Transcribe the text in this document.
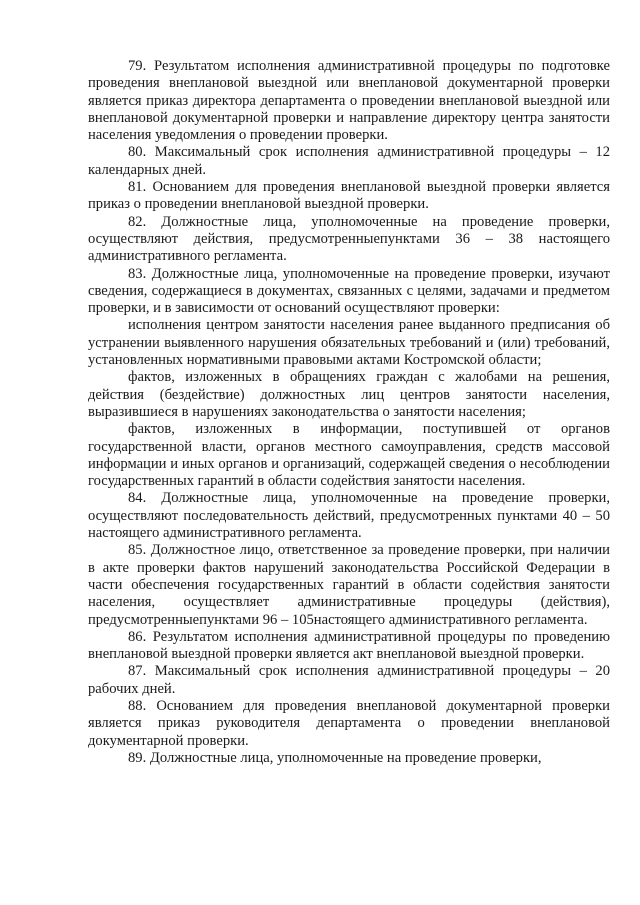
79. Результатом исполнения административной процедуры по подготовке проведения внеплановой выездной или внеплановой документарной проверки является приказ директора департамента о проведении внеплановой выездной или внеплановой документарной проверки и направление директору центра занятости населения уведомления о проведении проверки.

80. Максимальный срок исполнения административной процедуры – 12 календарных дней.

81. Основанием для проведения внеплановой выездной проверки является приказ о проведении внеплановой выездной проверки.

82. Должностные лица, уполномоченные на проведение проверки, осуществляют действия, предусмотренныепунктами 36 – 38 настоящего административного регламента.

83. Должностные лица, уполномоченные на проведение проверки, изучают сведения, содержащиеся в документах, связанных с целями, задачами и предметом проверки, и в зависимости от оснований осуществляют проверки:

исполнения центром занятости населения ранее выданного предписания об устранении выявленного нарушения обязательных требований и (или) требований, установленных нормативными правовыми актами Костромской области;

фактов, изложенных в обращениях граждан с жалобами на решения, действия (бездействие) должностных лиц центров занятости населения, выразившиеся в нарушениях законодательства о занятости населения;

фактов, изложенных в информации, поступившей от органов государственной власти, органов местного самоуправления, средств массовой информации и иных органов и организаций, содержащей сведения о несоблюдении государственных гарантий в области содействия занятости населения.

84. Должностные лица, уполномоченные на проведение проверки, осуществляют последовательность действий, предусмотренных пунктами 40 – 50 настоящего административного регламента.

85. Должностное лицо, ответственное за проведение проверки, при наличии в акте проверки фактов нарушений законодательства Российской Федерации в части обеспечения государственных гарантий в области содействия занятости населения, осуществляет административные процедуры (действия), предусмотренныепунктами 96 – 105настоящего административного регламента.

86. Результатом исполнения административной процедуры по проведению внеплановой выездной проверки является акт внеплановой выездной проверки.

87. Максимальный срок исполнения административной процедуры – 20 рабочих дней.

88. Основанием для проведения внеплановой документарной проверки является приказ руководителя департамента о проведении внеплановой документарной проверки.

89. Должностные лица, уполномоченные на проведение проверки,
